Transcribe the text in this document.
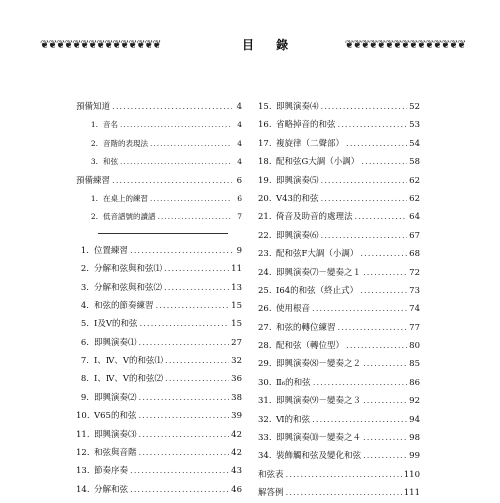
❦❦❦❦❦❦❦❦❦❦❦❦❦❦❦	目 錄	❦❦❦❦❦❦❦❦❦❦❦❦❦❦❦
預備知道 .....	4
1. 音名 .....	4
2. 音階的表現法 .....	4
3. 和弦 .....	4
預備練習 .....	6
1. 在桌上的練習 .....	6
2. 低音譜號的讀譜 .....	7
1. 位置練習 .....	9
2. 分解和弦與和弦⑴ .....	11
3. 分解和弦與和弦⑵ .....	13
4. 和弦的節奏練習 .....	15
5. Ⅰ及Ⅴ的和弦 .....	15
6. 即興演奏⑴ .....	27
7. Ⅰ、Ⅳ、Ⅴ的和弦⑴ .....	32
8. Ⅰ、Ⅳ、Ⅴ的和弦⑵ .....	36
9. 即興演奏⑵ .....	38
10. V65的和弦 .....	39
11. 即興演奏⑶ .....	42
12. 和弦與音階 .....	42
13. 節奏序奏 .....	43
14. 分解和弦 .....	46
15. 即興演奏⑷ .....	52
16. 省略掉音的和弦 .....	53
17. 複旋律（二聲部） .....	54
18. 配和弦G大調（小調） .....	58
19. 即興演奏⑸ .....	62
20. V43的和弦 .....	62
21. 倚音及助音的處理法 .....	64
22. 即興演奏⑹ .....	67
23. 配和弦F大調（小調） .....	68
24. 即興演奏⑺－變奏之１ .....	72
25. Ⅰ64的和弦（終止式） .....	73
26. 使用根音 .....	74
27. 和弦的轉位練習 .....	77
28. 配和弦（轉位型） .....	80
29. 即興演奏⑻－變奏之２ .....	85
30. Ⅱ₆的和弦 .....	86
31. 即興演奏⑼－變奏之３ .....	92
32. Ⅵ的和弦 .....	94
33. 即興演奏⑽－變奏之４ .....	98
34. 裝飾觸和弦及變化和弦 .....	99
和弦表 .....	110
解答例 .....	111
